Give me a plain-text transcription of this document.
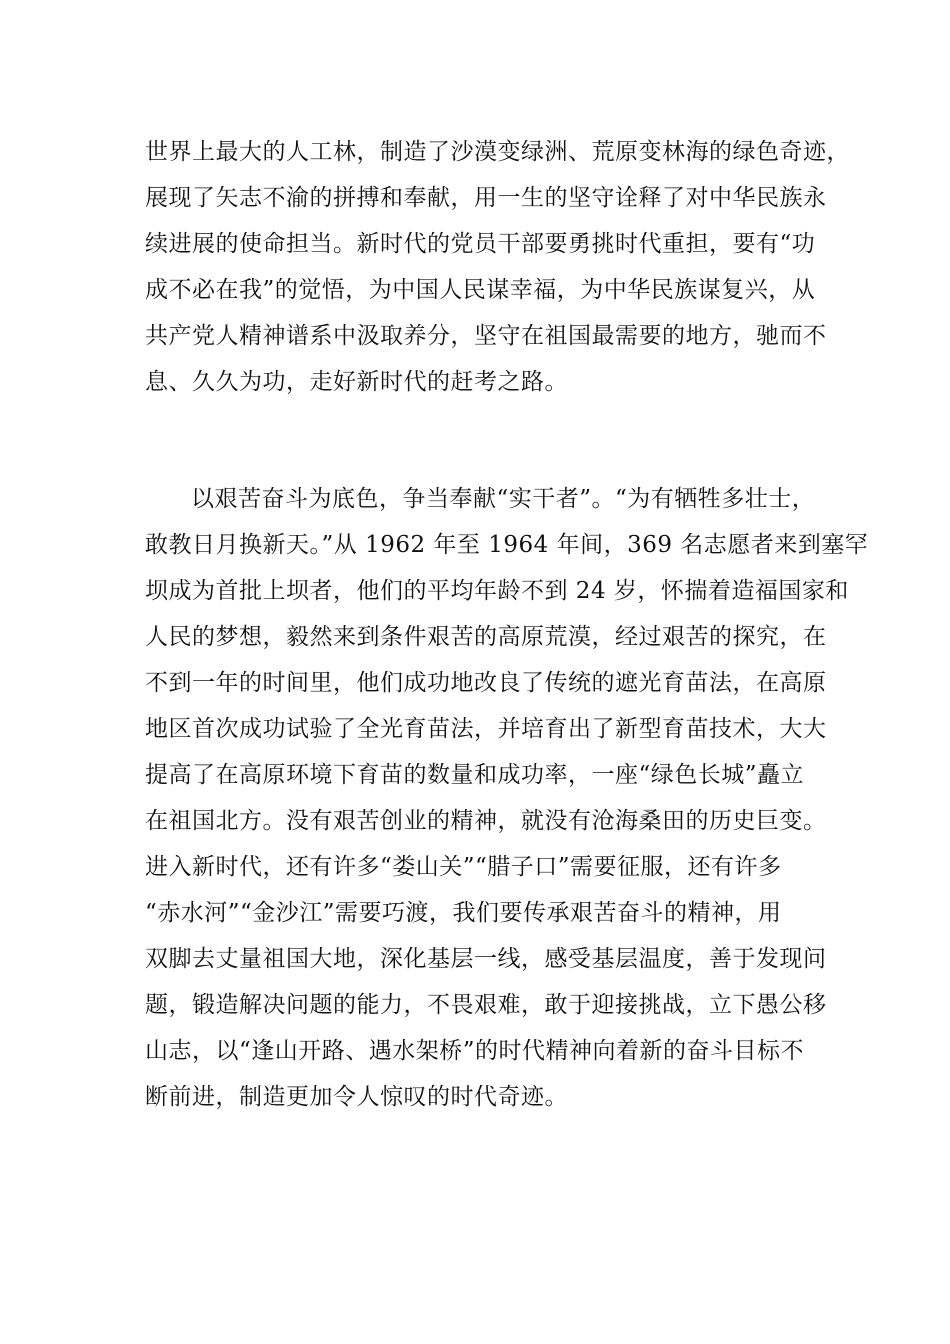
世界上最大的人工林，制造了沙漠变绿洲、荒原变林海的绿色奇迹，
展现了矢志不渝的拼搏和奉献，用一生的坚守诠释了对中华民族永
续进展的使命担当。新时代的党员干部要勇挑时代重担，要有“功
成不必在我”的觉悟，为中国人民谋幸福，为中华民族谋复兴，从
共产党人精神谱系中汲取养分，坚守在祖国最需要的地方，驰而不
息、久久为功，走好新时代的赶考之路。
以艰苦奋斗为底色，争当奉献“实干者”。“为有牺牲多壮士，
敢教日月换新天。”从 1962 年至 1964 年间，369 名志愿者来到塞罕
坝成为首批上坝者，他们的平均年龄不到 24 岁，怀揣着造福国家和
人民的梦想，毅然来到条件艰苦的高原荒漠，经过艰苦的探究，在
不到一年的时间里，他们成功地改良了传统的遮光育苗法，在高原
地区首次成功试验了全光育苗法，并培育出了新型育苗技术，大大
提高了在高原环境下育苗的数量和成功率，一座“绿色长城”矗立
在祖国北方。没有艰苦创业的精神，就没有沧海桑田的历史巨变。
进入新时代，还有许多“娄山关”“腊子口”需要征服，还有许多
“赤水河”“金沙江”需要巧渡，我们要传承艰苦奋斗的精神，用
双脚去丈量祖国大地，深化基层一线，感受基层温度，善于发现问
题，锻造解决问题的能力，不畏艰难，敢于迎接挑战，立下愚公移
山志，以“逢山开路、遇水架桥”的时代精神向着新的奋斗目标不
断前进，制造更加令人惊叹的时代奇迹。
